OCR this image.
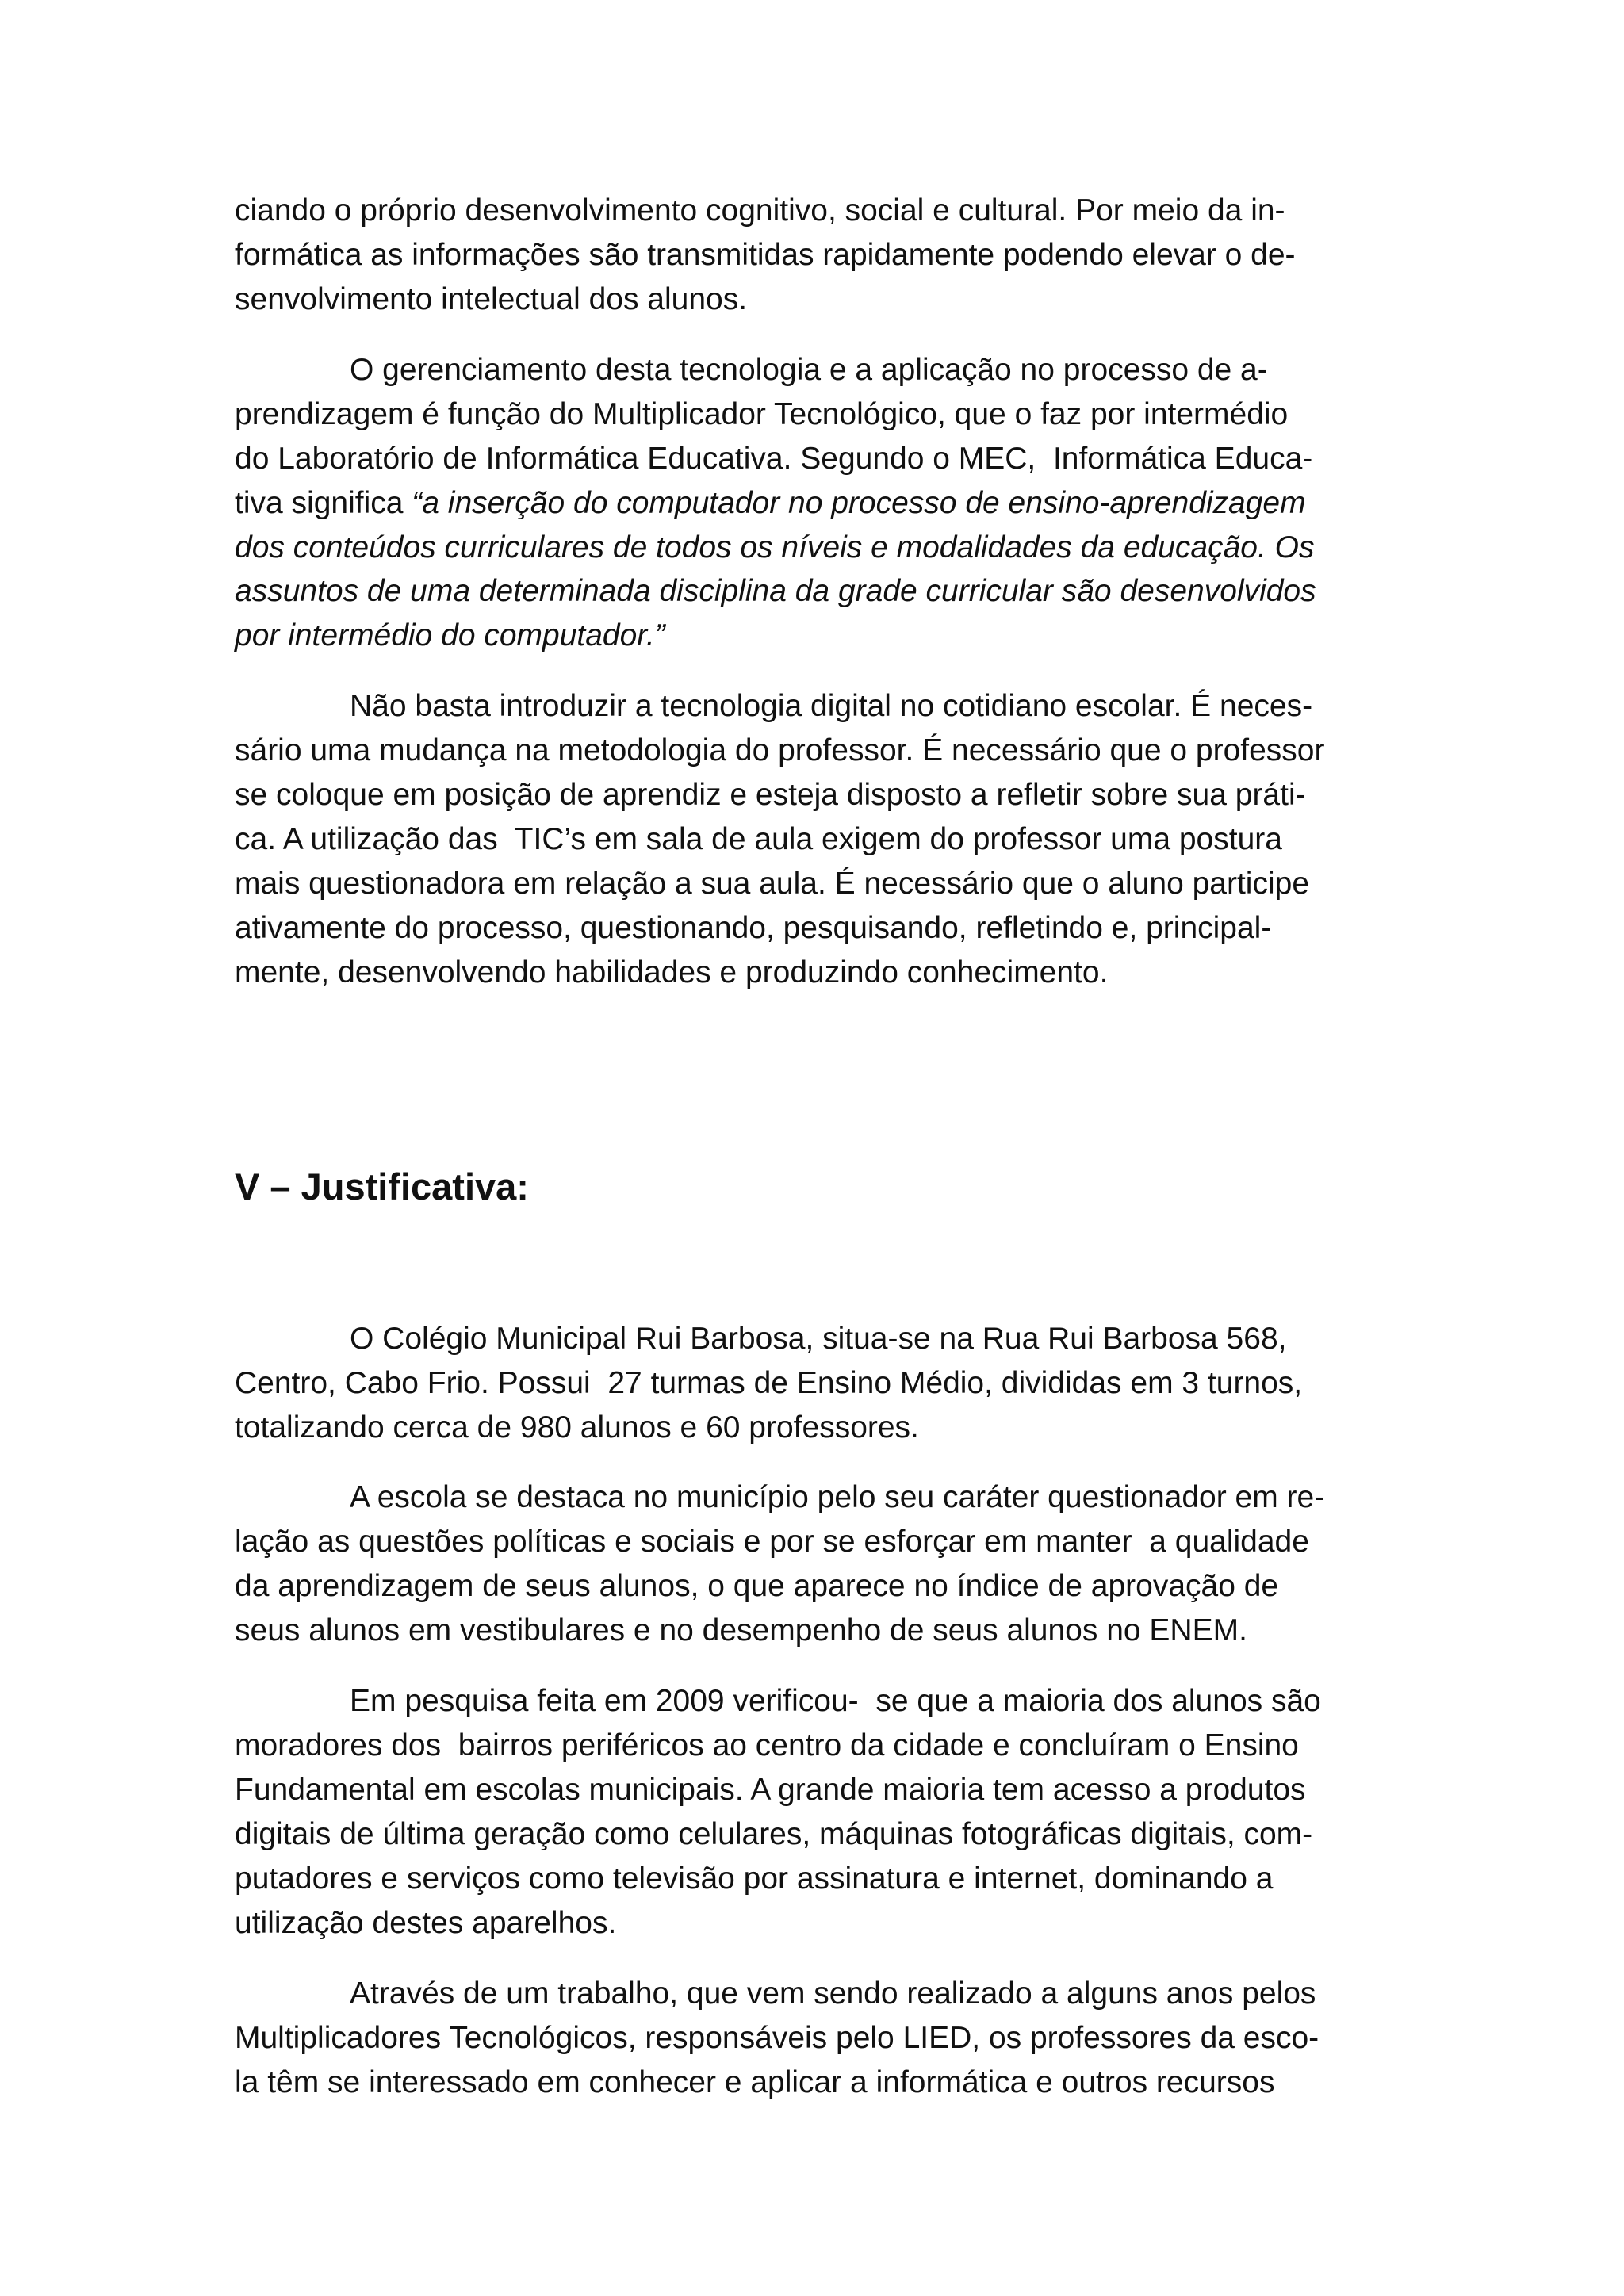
ciando o próprio desenvolvimento cognitivo, social e cultural. Por meio da in-

formática as informações são transmitidas rapidamente podendo elevar o de-

senvolvimento intelectual dos alunos.

O gerenciamento desta tecnologia e a aplicação no processo de a-

prendizagem é função do Multiplicador Tecnológico, que o faz por intermédio

do Laboratório de Informática Educativa. Segundo o MEC,  Informática Educa-

tiva significa “a inserção do computador no processo de ensino-aprendizagem

dos conteúdos curriculares de todos os níveis e modalidades da educação. Os

assuntos de uma determinada disciplina da grade curricular são desenvolvidos

por intermédio do computador.”

Não basta introduzir a tecnologia digital no cotidiano escolar. É neces-

sário uma mudança na metodologia do professor. É necessário que o professor

se coloque em posição de aprendiz e esteja disposto a refletir sobre sua práti-

ca. A utilização das  TIC’s em sala de aula exigem do professor uma postura

mais questionadora em relação a sua aula. É necessário que o aluno participe

ativamente do processo, questionando, pesquisando, refletindo e, principal-

mente, desenvolvendo habilidades e produzindo conhecimento.

V – Justificativa:

O Colégio Municipal Rui Barbosa, situa-se na Rua Rui Barbosa 568,

Centro, Cabo Frio. Possui  27 turmas de Ensino Médio, divididas em 3 turnos,

totalizando cerca de 980 alunos e 60 professores.

A escola se destaca no município pelo seu caráter questionador em re-

lação as questões políticas e sociais e por se esforçar em manter  a qualidade

da aprendizagem de seus alunos, o que aparece no índice de aprovação de

seus alunos em vestibulares e no desempenho de seus alunos no ENEM.

Em pesquisa feita em 2009 verificou-  se que a maioria dos alunos são

moradores dos  bairros periféricos ao centro da cidade e concluíram o Ensino

Fundamental em escolas municipais. A grande maioria tem acesso a produtos

digitais de última geração como celulares, máquinas fotográficas digitais, com-

putadores e serviços como televisão por assinatura e internet, dominando a

utilização destes aparelhos.

Através de um trabalho, que vem sendo realizado a alguns anos pelos

Multiplicadores Tecnológicos, responsáveis pelo LIED, os professores da esco-

la têm se interessado em conhecer e aplicar a informática e outros recursos
